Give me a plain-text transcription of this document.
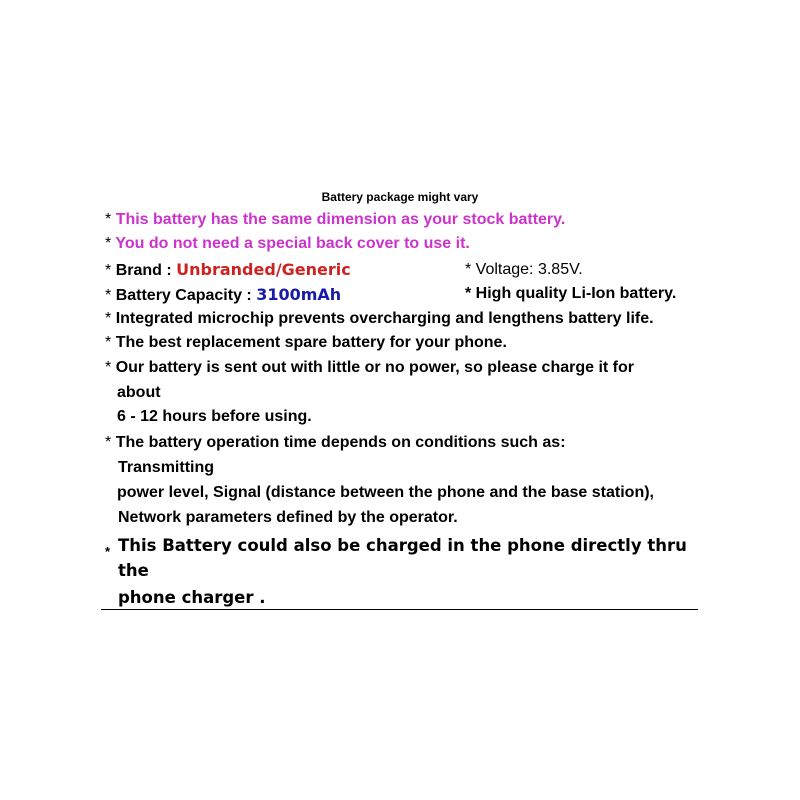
Battery package might vary
* This battery has the same dimension as your stock battery.
* You do not need a special back cover to use it.
* Brand : Unbranded/Generic	* Voltage: 3.85V.
* Battery Capacity : 3100mAh	* High quality Li-Ion battery.
* Integrated microchip prevents overcharging and lengthens battery life.
* The best replacement spare battery for your phone.
* Our battery is sent out with little or no power, so please charge it for
about
6 - 12 hours before using.
* The battery operation time depends on conditions such as:
Transmitting
power level, Signal (distance between the phone and the base station),
Network parameters defined by the operator.
* This Battery could also be charged in the phone directly thru
the
phone charger .
